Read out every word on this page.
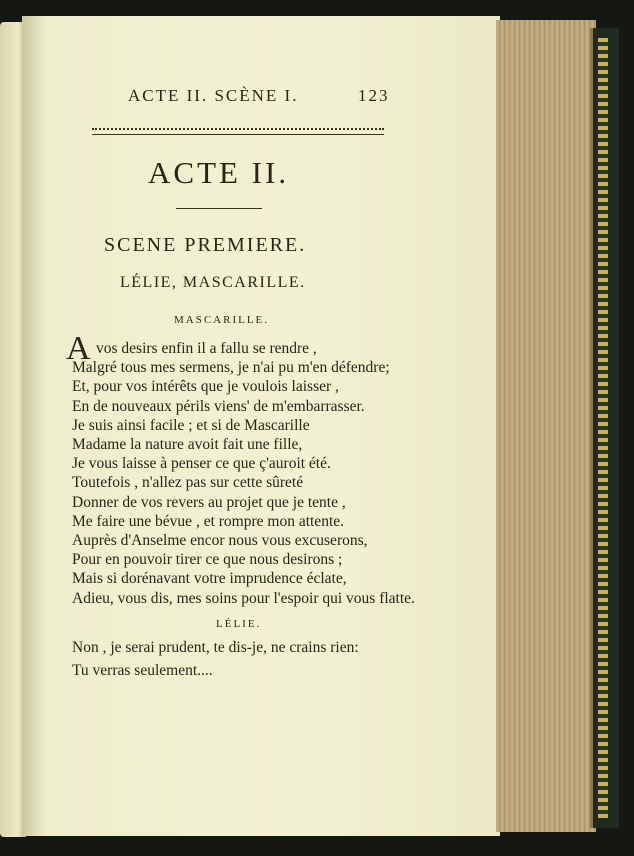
ACTE II. SCÈNE I.	123
ACTE II.
SCENE PREMIERE.
LÉLIE, MASCARILLE.
MASCARILLE.
A vos desirs enfin il a fallu se rendre ,
Malgré tous mes sermens, je n'ai pu m'en défendre;
Et, pour vos intérêts que je voulois laisser ,
En de nouveaux périls viens' de m'embarrasser.
Je suis ainsi facile ; et si de Mascarille
Madame la nature avoit fait une fille,
Je vous laisse à penser ce que ç'auroit été.
Toutefois , n'allez pas sur cette sûreté
Donner de vos revers au projet que je tente ,
Me faire une bévue , et rompre mon attente.
Auprès d'Anselme encor nous vous excuserons,
Pour en pouvoir tirer ce que nous desirons ;
Mais si dorénavant votre imprudence éclate,
Adieu, vous dis, mes soins pour l'espoir qui vous flatte.
LÉLIE.
Non , je serai prudent, te dis-je, ne crains rien:
Tu verras seulement....
